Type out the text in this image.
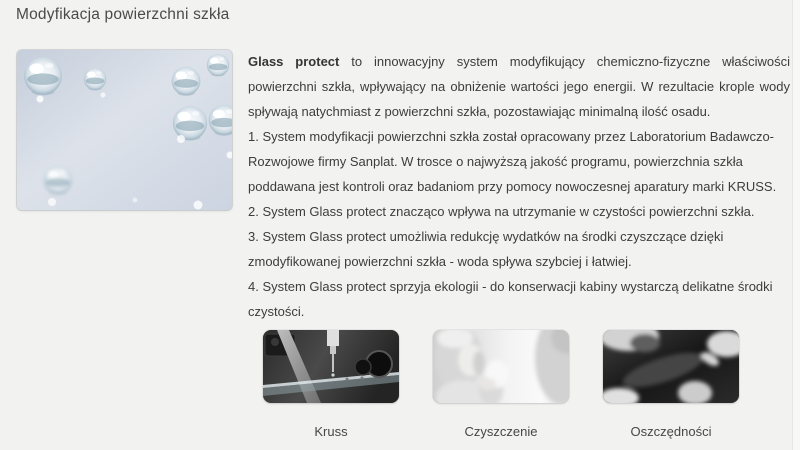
Modyfikacja powierzchni szkła

Glass protect to innowacyjny system modyfikujący chemiczno-fizyczne właściwości powierzchni szkła, wpływający na obniżenie wartości jego energii. W rezultacie krople wody spływają natychmiast z powierzchni szkła, pozostawiając minimalną ilość osadu.

1. System modyfikacji powierzchni szkła został opracowany przez Laboratorium Badawczo-Rozwojowe firmy Sanplat. W trosce o najwyższą jakość programu, powierzchnia szkła poddawana jest kontroli oraz badaniom przy pomocy nowoczesnej aparatury marki KRUSS.

2. System Glass protect znacząco wpływa na utrzymanie w czystości powierzchni szkła.

3. System Glass protect umożliwia redukcję wydatków na środki czyszczące dzięki zmodyfikowanej powierzchni szkła - woda spływa szybciej i łatwiej.

4. System Glass protect sprzyja ekologii - do konserwacji kabiny wystarczą delikatne środki czystości.

Kruss	Czyszczenie	Oszczędności
